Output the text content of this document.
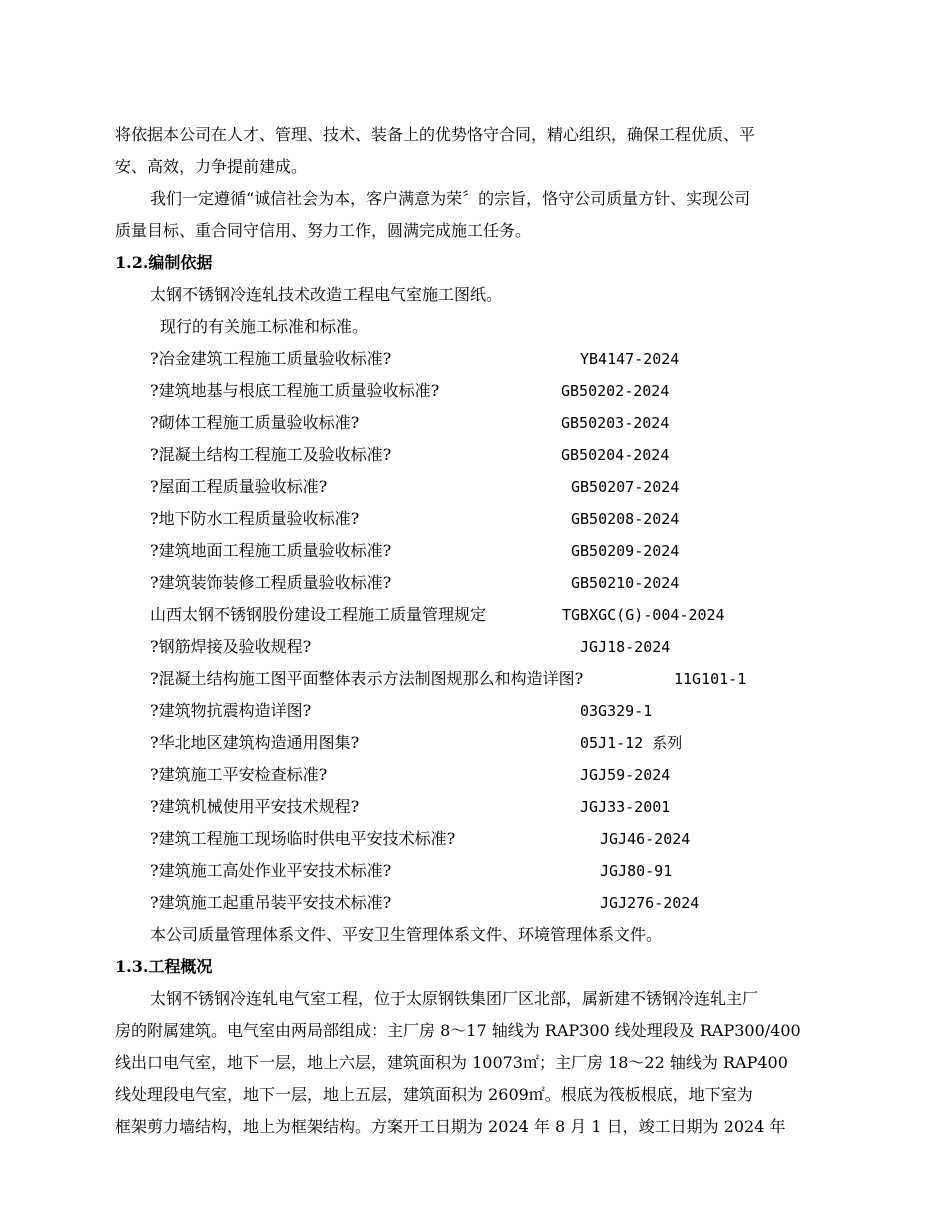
将依据本公司在人才、管理、技术、装备上的优势恪守合同，精心组织，确保工程优质、平
安、高效，力争提前建成。
我们一定遵循“诚信社会为本，客户满意为荣〞的宗旨，恪守公司质量方针、实现公司
质量目标、重合同守信用、努力工作，圆满完成施工任务。
1.2.编制依据
太钢不锈钢冷连轧技术改造工程电气室施工图纸。
现行的有关施工标准和标准。
?冶金建筑工程施工质量验收标准?	YB4147-2024
?建筑地基与根底工程施工质量验收标准?	GB50202-2024
?砌体工程施工质量验收标准?	GB50203-2024
?混凝土结构工程施工及验收标准?	GB50204-2024
?屋面工程质量验收标准?	GB50207-2024
?地下防水工程质量验收标准?	GB50208-2024
?建筑地面工程施工质量验收标准?	GB50209-2024
?建筑装饰装修工程质量验收标准?	GB50210-2024
山西太钢不锈钢股份建设工程施工质量管理规定	TGBXGC(G)-004-2024
?钢筋焊接及验收规程?	JGJ18-2024
?混凝土结构施工图平面整体表示方法制图规那么和构造详图?	11G101-1
?建筑物抗震构造详图?	03G329-1
?华北地区建筑构造通用图集?	05J1-12 系列
?建筑施工平安检查标准?	JGJ59-2024
?建筑机械使用平安技术规程?	JGJ33-2001
?建筑工程施工现场临时供电平安技术标准?	JGJ46-2024
?建筑施工高处作业平安技术标准?	JGJ80-91
?建筑施工起重吊装平安技术标准?	JGJ276-2024
本公司质量管理体系文件、平安卫生管理体系文件、环境管理体系文件。
1.3.工程概况
太钢不锈钢冷连轧电气室工程，位于太原钢铁集团厂区北部，属新建不锈钢冷连轧主厂
房的附属建筑。电气室由两局部组成：主厂房 8～17 轴线为 RAP300 线处理段及 RAP300/400
线出口电气室，地下一层，地上六层，建筑面积为 10073㎡；主厂房 18～22 轴线为 RAP400
线处理段电气室，地下一层，地上五层，建筑面积为 2609㎡。根底为筏板根底，地下室为
框架剪力墙结构，地上为框架结构。方案开工日期为 2024 年 8 月 1 日，竣工日期为 2024 年
